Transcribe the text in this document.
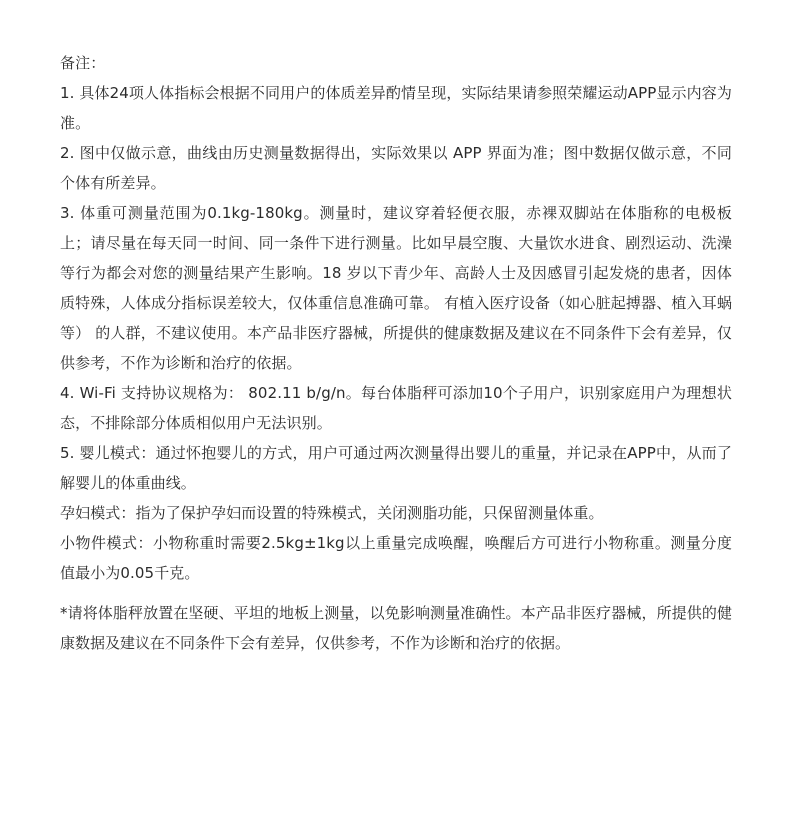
备注：

1. 具体24项人体指标会根据不同用户的体质差异酌情呈现，实际结果请参照荣耀运动APP显示内容为准。

2. 图中仅做示意，曲线由历史测量数据得出，实际效果以 APP 界面为准；图中数据仅做示意，不同个体有所差异。

3. 体重可测量范围为0.1kg-180kg。测量时，建议穿着轻便衣服，赤裸双脚站在体脂称的电极板上；请尽量在每天同一时间、同一条件下进行测量。比如早晨空腹、大量饮水进食、剧烈运动、洗澡等行为都会对您的测量结果产生影响。18 岁以下青少年、高龄人士及因感冒引起发烧的患者，因体质特殊，人体成分指标误差较大，仅体重信息准确可靠。 有植入医疗设备（如心脏起搏器、植入耳蜗等） 的人群，不建议使用。本产品非医疗器械，所提供的健康数据及建议在不同条件下会有差异，仅供参考，不作为诊断和治疗的依据。

4. Wi-Fi 支持协议规格为： 802.11 b/g/n。每台体脂秤可添加10个子用户，识别家庭用户为理想状态，不排除部分体质相似用户无法识别。

5. 婴儿模式：通过怀抱婴儿的方式，用户可通过两次测量得出婴儿的重量，并记录在APP中，从而了解婴儿的体重曲线。

孕妇模式：指为了保护孕妇而设置的特殊模式，关闭测脂功能，只保留测量体重。

小物件模式：小物称重时需要2.5kg±1kg以上重量完成唤醒，唤醒后方可进行小物称重。测量分度值最小为0.05千克。

*请将体脂秤放置在坚硬、平坦的地板上测量，以免影响测量准确性。本产品非医疗器械，所提供的健康数据及建议在不同条件下会有差异，仅供参考，不作为诊断和治疗的依据。
